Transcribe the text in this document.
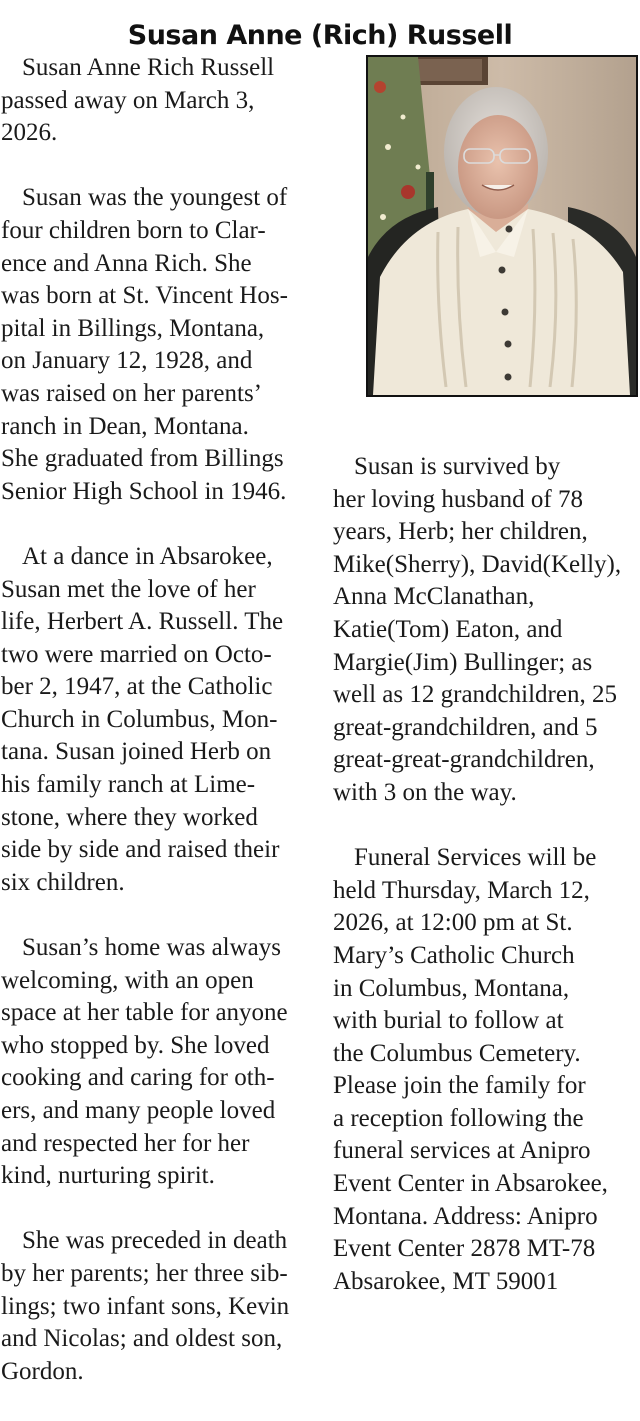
Susan Anne (Rich) Russell

Susan Anne Rich Russell
passed away on March 3,
2026.

Susan was the youngest of
four children born to Clar-
ence and Anna Rich. She
was born at St. Vincent Hos-
pital in Billings, Montana,
on January 12, 1928, and
was raised on her parents’
ranch in Dean, Montana.
She graduated from Billings
Senior High School in 1946.

At a dance in Absarokee,
Susan met the love of her
life, Herbert A. Russell. The
two were married on Octo-
ber 2, 1947, at the Catholic
Church in Columbus, Mon-
tana. Susan joined Herb on
his family ranch at Lime-
stone, where they worked
side by side and raised their
six children.

Susan’s home was always
welcoming, with an open
space at her table for anyone
who stopped by. She loved
cooking and caring for oth-
ers, and many people loved
and respected her for her
kind, nurturing spirit.

She was preceded in death
by her parents; her three sib-
lings; two infant sons, Kevin
and Nicolas; and oldest son,
Gordon.

Susan is survived by
her loving husband of 78
years, Herb; her children,
Mike(Sherry), David(Kelly),
Anna McClanathan,
Katie(Tom) Eaton, and
Margie(Jim) Bullinger; as
well as 12 grandchildren, 25
great-grandchildren, and 5
great-great-grandchildren,
with 3 on the way.

Funeral Services will be
held Thursday, March 12,
2026, at 12:00 pm at St.
Mary’s Catholic Church
in Columbus, Montana,
with burial to follow at
the Columbus Cemetery.
Please join the family for
a reception following the
funeral services at Anipro
Event Center in Absarokee,
Montana. Address: Anipro
Event Center 2878 MT-78
Absarokee, MT 59001
